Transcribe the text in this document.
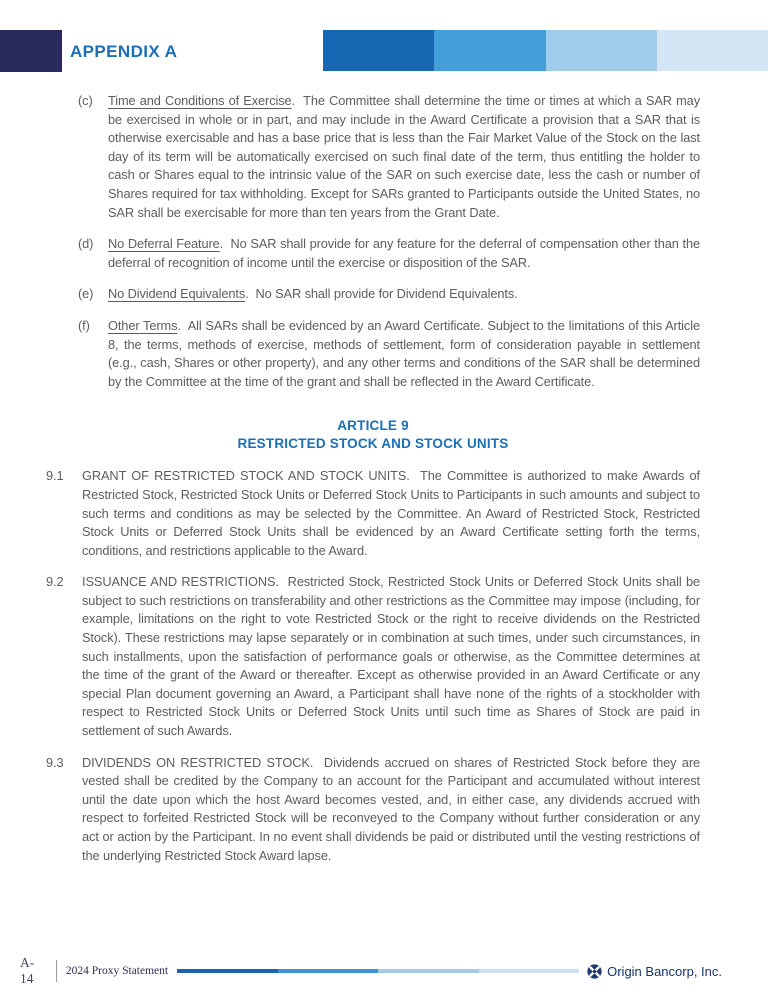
APPENDIX A
(c)	Time and Conditions of Exercise.  The Committee shall determine the time or times at which a SAR may be exercised in whole or in part, and may include in the Award Certificate a provision that a SAR that is otherwise exercisable and has a base price that is less than the Fair Market Value of the Stock on the last day of its term will be automatically exercised on such final date of the term, thus entitling the holder to cash or Shares equal to the intrinsic value of the SAR on such exercise date, less the cash or number of Shares required for tax withholding. Except for SARs granted to Participants outside the United States, no SAR shall be exercisable for more than ten years from the Grant Date.
(d)	No Deferral Feature.  No SAR shall provide for any feature for the deferral of compensation other than the deferral of recognition of income until the exercise or disposition of the SAR.
(e)	No Dividend Equivalents.  No SAR shall provide for Dividend Equivalents.
(f)	Other Terms.  All SARs shall be evidenced by an Award Certificate. Subject to the limitations of this Article 8, the terms, methods of exercise, methods of settlement, form of consideration payable in settlement (e.g., cash, Shares or other property), and any other terms and conditions of the SAR shall be determined by the Committee at the time of the grant and shall be reflected in the Award Certificate.
ARTICLE 9
RESTRICTED STOCK AND STOCK UNITS
9.1	GRANT OF RESTRICTED STOCK AND STOCK UNITS.  The Committee is authorized to make Awards of Restricted Stock, Restricted Stock Units or Deferred Stock Units to Participants in such amounts and subject to such terms and conditions as may be selected by the Committee. An Award of Restricted Stock, Restricted Stock Units or Deferred Stock Units shall be evidenced by an Award Certificate setting forth the terms, conditions, and restrictions applicable to the Award.
9.2	ISSUANCE AND RESTRICTIONS.  Restricted Stock, Restricted Stock Units or Deferred Stock Units shall be subject to such restrictions on transferability and other restrictions as the Committee may impose (including, for example, limitations on the right to vote Restricted Stock or the right to receive dividends on the Restricted Stock). These restrictions may lapse separately or in combination at such times, under such circumstances, in such installments, upon the satisfaction of performance goals or otherwise, as the Committee determines at the time of the grant of the Award or thereafter. Except as otherwise provided in an Award Certificate or any special Plan document governing an Award, a Participant shall have none of the rights of a stockholder with respect to Restricted Stock Units or Deferred Stock Units until such time as Shares of Stock are paid in settlement of such Awards.
9.3	DIVIDENDS ON RESTRICTED STOCK.  Dividends accrued on shares of Restricted Stock before they are vested shall be credited by the Company to an account for the Participant and accumulated without interest until the date upon which the host Award becomes vested, and, in either case, any dividends accrued with respect to forfeited Restricted Stock will be reconveyed to the Company without further consideration or any act or action by the Participant. In no event shall dividends be paid or distributed until the vesting restrictions of the underlying Restricted Stock Award lapse.
A-14	2024 Proxy Statement	Origin Bancorp, Inc.
